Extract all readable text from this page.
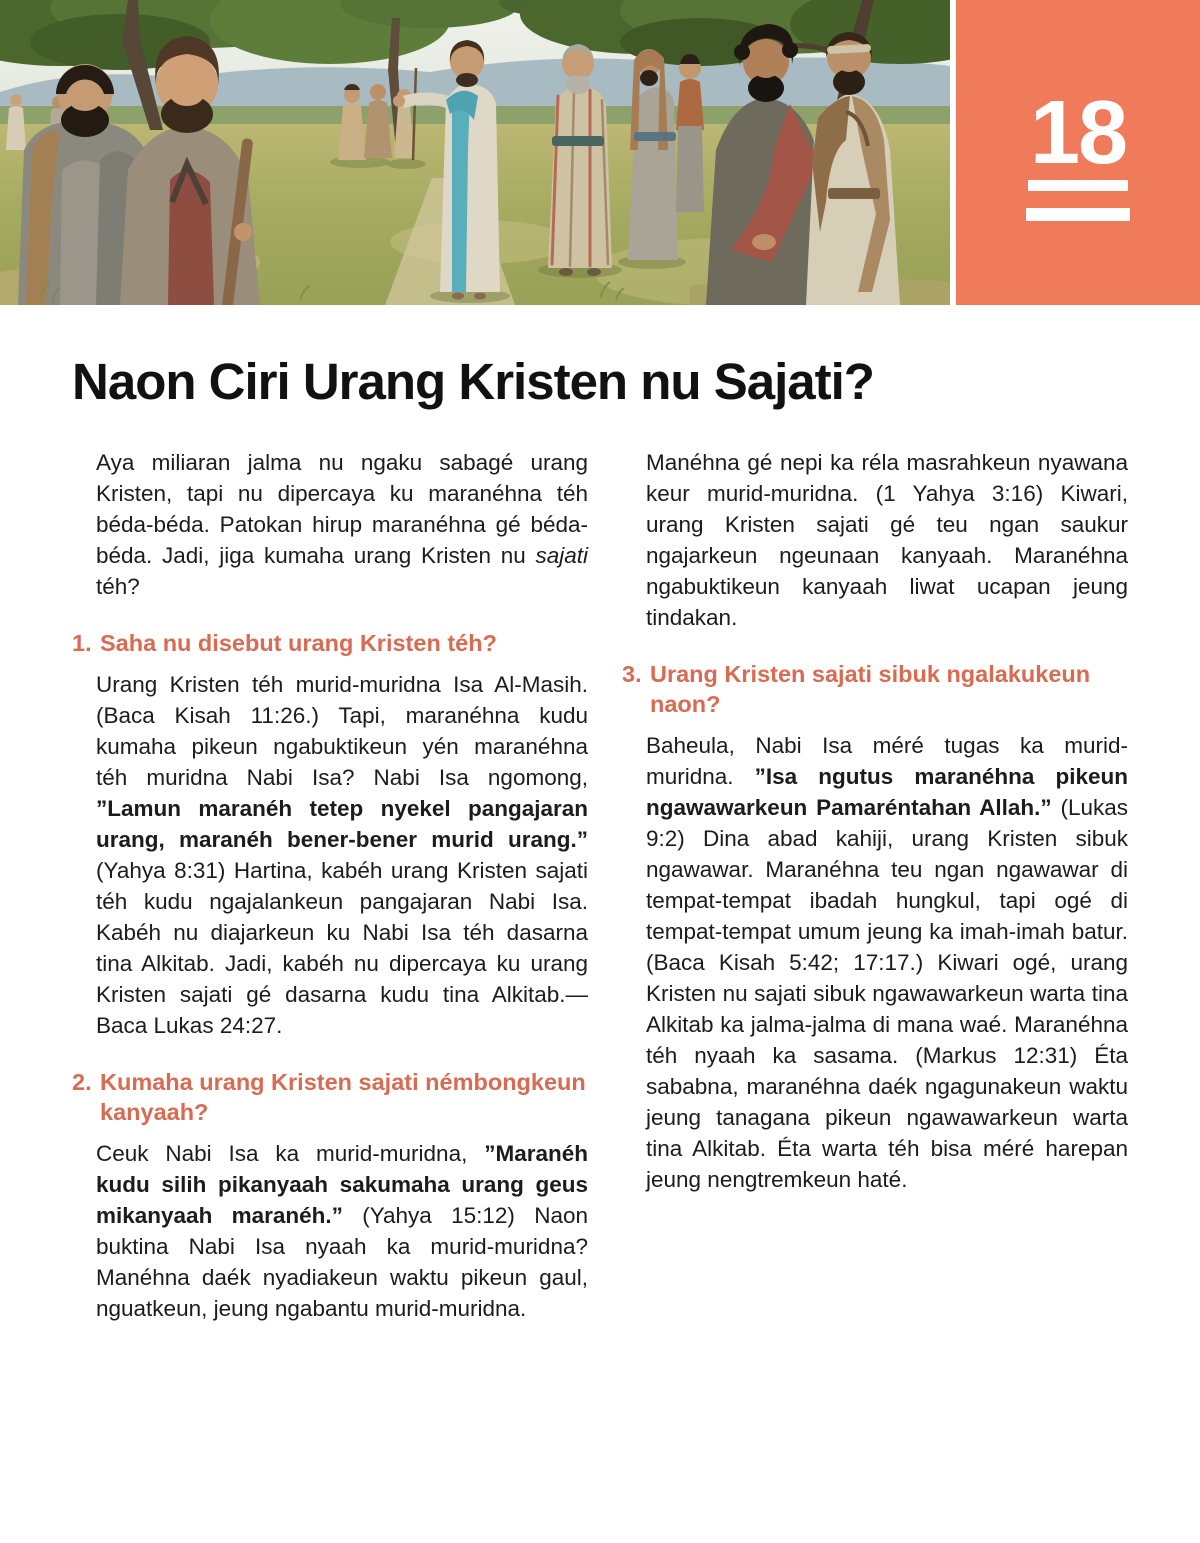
18
Naon Ciri Urang Kristen nu Sajati?

Aya miliaran jalma nu ngaku sabagé urang Kristen, tapi nu dipercaya ku maranéhna téh béda-béda. Patokan hirup maranéhna gé béda-béda. Jadi, jiga kumaha urang Kristen nu sajati téh?

1. Saha nu disebut urang Kristen téh?

Urang Kristen téh murid-muridna Isa Al-Masih. (Baca Kisah 11:26.) Tapi, maranéhna kudu kumaha pikeun ngabuktikeun yén maranéhna téh muridna Nabi Isa? Nabi Isa ngomong, ”Lamun maranéh tetep nyekel pangajaran urang, maranéh bener-bener murid urang.” (Yahya 8:31) Hartina, kabéh urang Kristen sajati téh kudu ngajalankeun pangajaran Nabi Isa. Kabéh nu diajarkeun ku Nabi Isa téh dasarna tina Alkitab. Jadi, kabéh nu dipercaya ku urang Kristen sajati gé dasarna kudu tina Alkitab.—Baca Lukas 24:27.

2. Kumaha urang Kristen sajati némbongkeun kanyaah?

Ceuk Nabi Isa ka murid-muridna, ”Maranéh kudu silih pikanyaah sakumaha urang geus mikanyaah maranéh.” (Yahya 15:12) Naon buktina Nabi Isa nyaah ka murid-muridna? Manéhna daék nyadiakeun waktu pikeun gaul, nguatkeun, jeung ngabantu murid-muridna.

Manéhna gé nepi ka réla masrahkeun nyawana keur murid-muridna. (1 Yahya 3:16) Kiwari, urang Kristen sajati gé teu ngan saukur ngajarkeun ngeunaan kanyaah. Maranéhna ngabuktikeun kanyaah liwat ucapan jeung tindakan.

3. Urang Kristen sajati sibuk ngalakukeun naon?

Baheula, Nabi Isa méré tugas ka murid-muridna. ”Isa ngutus maranéhna pikeun ngawawarkeun Pamaréntahan Allah.” (Lukas 9:2) Dina abad kahiji, urang Kristen sibuk ngawawar. Maranéhna teu ngan ngawawar di tempat-tempat ibadah hungkul, tapi ogé di tempat-tempat umum jeung ka imah-imah batur. (Baca Kisah 5:42; 17:17.) Kiwari ogé, urang Kristen nu sajati sibuk ngawawarkeun warta tina Alkitab ka jalma-jalma di mana waé. Maranéhna téh nyaah ka sasama. (Markus 12:31) Éta sababna, maranéhna daék ngagunakeun waktu jeung tanagana pikeun ngawawarkeun warta tina Alkitab. Éta warta téh bisa méré harepan jeung nengtremkeun haté.
